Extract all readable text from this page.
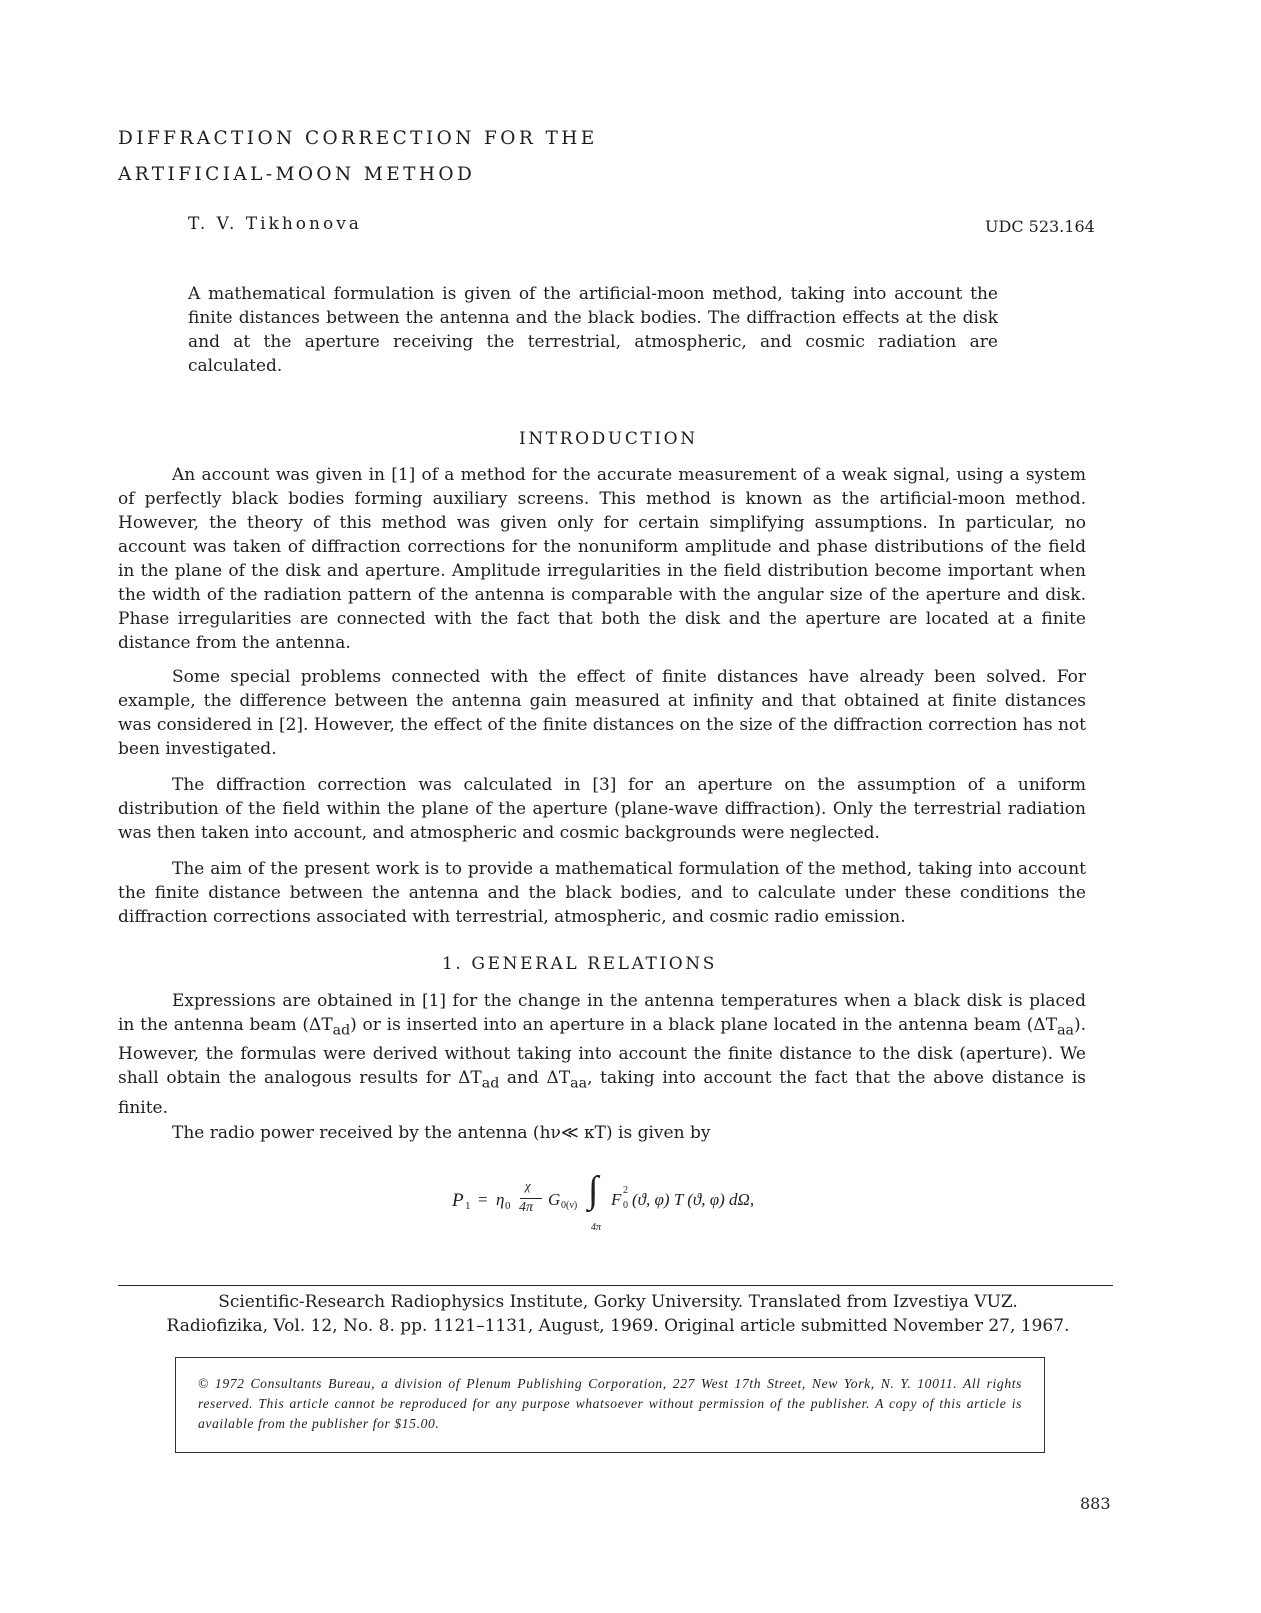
DIFFRACTION CORRECTION FOR THE
ARTIFICIAL-MOON METHOD
T. V. Tikhonova	UDC 523.164
A mathematical formulation is given of the artificial-moon method, taking into account the finite distances between the antenna and the black bodies. The diffraction effects at the disk and at the aperture receiving the terrestrial, atmospheric, and cosmic radiation are calculated.
INTRODUCTION
An account was given in [1] of a method for the accurate measurement of a weak signal, using a system of perfectly black bodies forming auxiliary screens. This method is known as the artificial-moon method. However, the theory of this method was given only for certain simplifying assumptions. In particular, no account was taken of diffraction corrections for the nonuniform amplitude and phase distributions of the field in the plane of the disk and aperture. Amplitude irregularities in the field distribution become important when the width of the radiation pattern of the antenna is comparable with the angular size of the aperture and disk. Phase irregularities are connected with the fact that both the disk and the aperture are located at a finite distance from the antenna.
Some special problems connected with the effect of finite distances have already been solved. For example, the difference between the antenna gain measured at infinity and that obtained at finite distances was considered in [2]. However, the effect of the finite distances on the size of the diffraction correction has not been investigated.
The diffraction correction was calculated in [3] for an aperture on the assumption of a uniform distribution of the field within the plane of the aperture (plane-wave diffraction). Only the terrestrial radiation was then taken into account, and atmospheric and cosmic backgrounds were neglected.
The aim of the present work is to provide a mathematical formulation of the method, taking into account the finite distance between the antenna and the black bodies, and to calculate under these conditions the diffraction corrections associated with terrestrial, atmospheric, and cosmic radio emission.
1. GENERAL RELATIONS
Expressions are obtained in [1] for the change in the antenna temperatures when a black disk is placed in the antenna beam $(\Delta T_{ad})$ or is inserted into an aperture in a black plane located in the antenna beam $(\Delta T_{aa})$. However, the formulas were derived without taking into account the finite distance to the disk (aperture). We shall obtain the analogous results for $\Delta T_{ad}$ and $\Delta T_{aa}$, taking into account the fact that the above distance is finite.
The radio power received by the antenna (hν≪ κT) is given by
P 1 = η 0
χ
4π G 0(ν) ∫
4π
F 2
0 (ϑ, φ) T (ϑ, φ) dΩ,
Scientific-Research Radiophysics Institute, Gorky University. Translated from Izvestiya VUZ.
Radiofizika, Vol. 12, No. 8. pp. 1121–1131, August, 1969. Original article submitted November 27, 1967.
© 1972 Consultants Bureau, a division of Plenum Publishing Corporation, 227 West 17th Street, New York, N. Y. 10011. All rights reserved. This article cannot be reproduced for any purpose whatsoever without permission of the publisher. A copy of this article is available from the publisher for $15.00.
883
